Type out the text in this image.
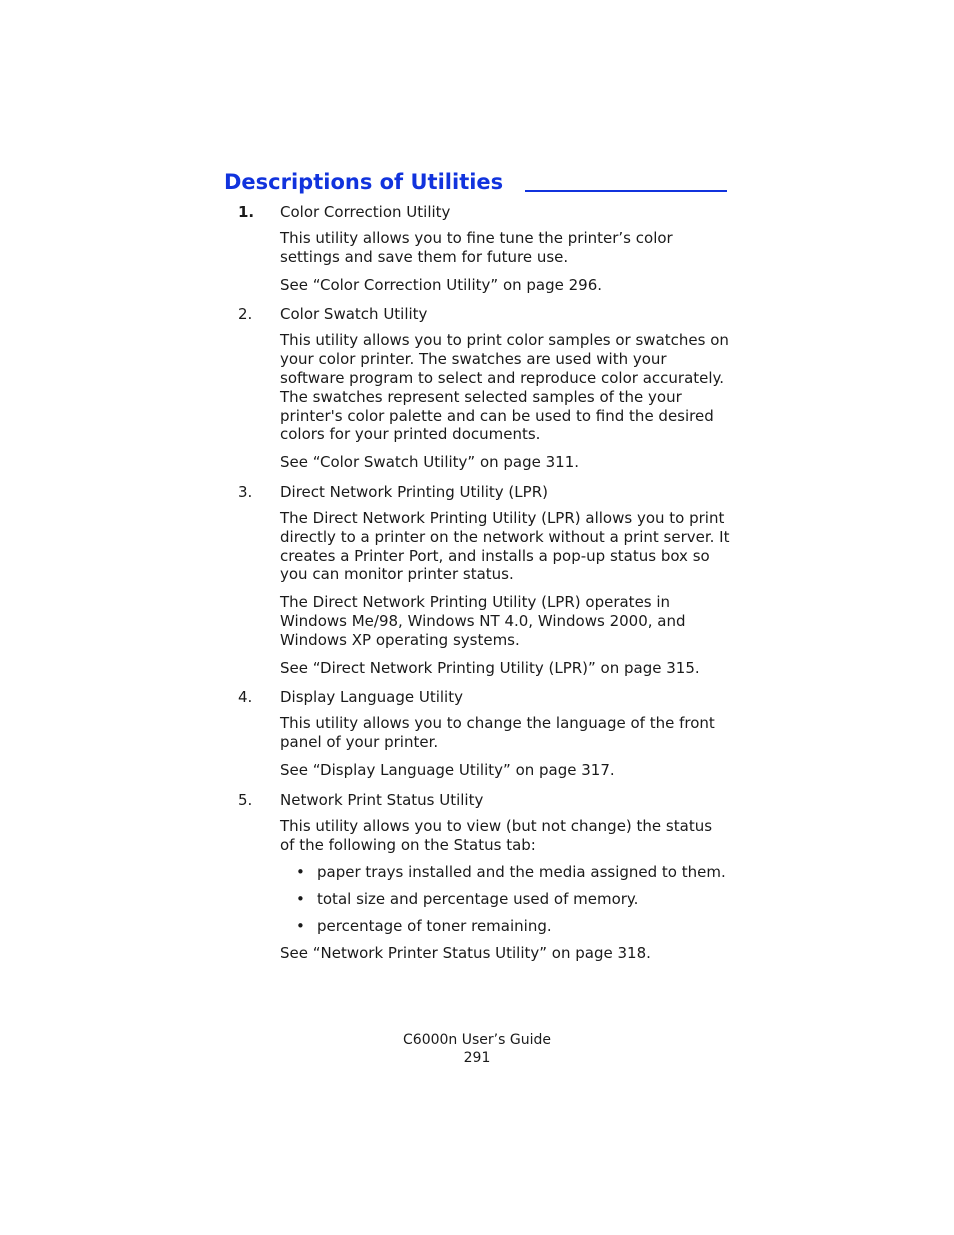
Descriptions of Utilities
1. Color Correction Utility

This utility allows you to fine tune the printer’s color settings and save them for future use.

See “Color Correction Utility” on page 296.

2. Color Swatch Utility

This utility allows you to print color samples or swatches on your color printer. The swatches are used with your software program to select and reproduce color accurately. The swatches represent selected samples of the your printer's color palette and can be used to find the desired colors for your printed documents.

See “Color Swatch Utility” on page 311.

3. Direct Network Printing Utility (LPR)

The Direct Network Printing Utility (LPR) allows you to print directly to a printer on the network without a print server. It creates a Printer Port, and installs a pop-up status box so you can monitor printer status.

The Direct Network Printing Utility (LPR) operates in Windows Me/98, Windows NT 4.0, Windows 2000, and Windows XP operating systems.

See “Direct Network Printing Utility (LPR)” on page 315.

4. Display Language Utility

This utility allows you to change the language of the front panel of your printer.

See “Display Language Utility” on page 317.

5. Network Print Status Utility

This utility allows you to view (but not change) the status of the following on the Status tab:

• paper trays installed and the media assigned to them.
• total size and percentage used of memory.
• percentage of toner remaining.

See “Network Printer Status Utility” on page 318.

C6000n User’s Guide
291
